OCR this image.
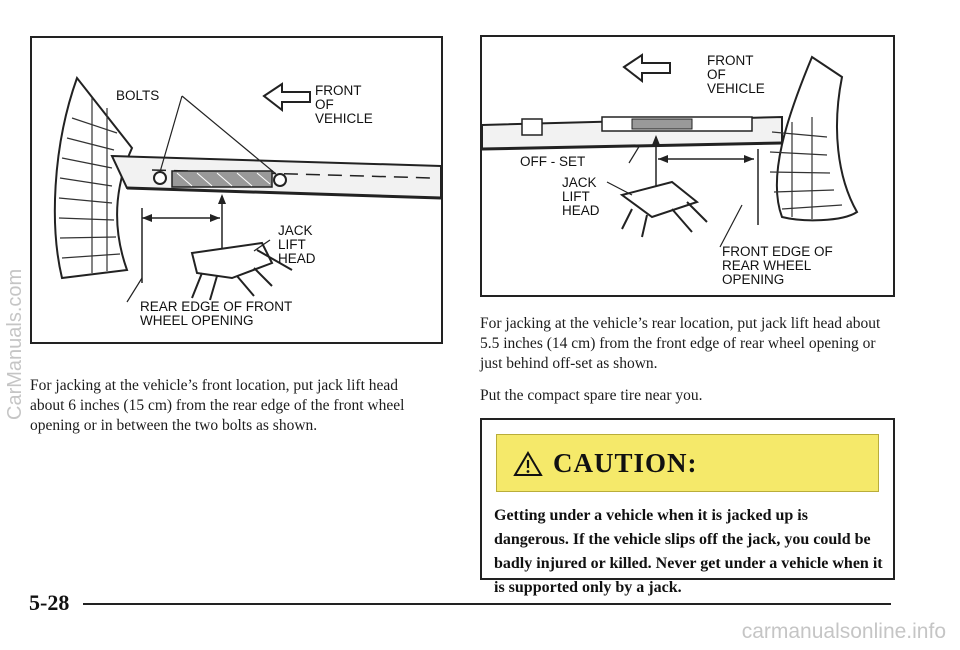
BOLTS	FRONT
OF
VEHICLE
JACK
LIFT
HEAD
REAR EDGE OF FRONT
WHEEL OPENING
FRONT
OF
VEHICLE
OFF - SET
JACK
LIFT
HEAD
FRONT EDGE OF
REAR WHEEL
OPENING

For jacking at the vehicle’s front location, put jack lift head about 6 inches (15 cm) from the rear edge of the front wheel opening or in between the two bolts as shown.

For jacking at the vehicle’s rear location, put jack lift head about 5.5 inches (14 cm) from the front edge of rear wheel opening or just behind off-set as shown.

Put the compact spare tire near you.

CAUTION:

Getting under a vehicle when it is jacked up is dangerous. If the vehicle slips off the jack, you could be badly injured or killed. Never get under a vehicle when it is supported only by a jack.

5-28
CarManuals.com
carmanualsonline.info
